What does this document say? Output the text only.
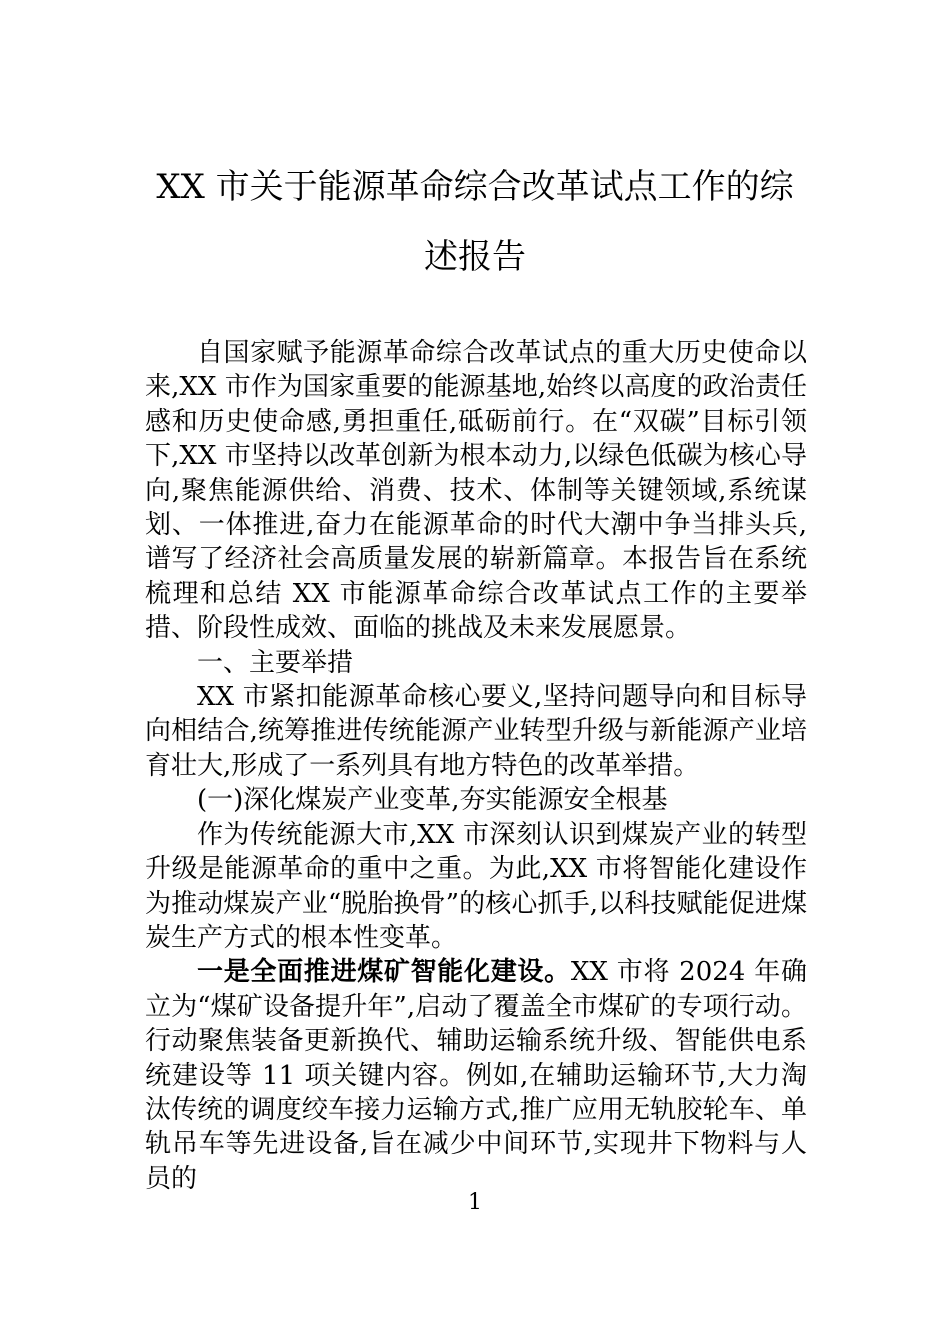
XX 市关于能源革命综合改革试点工作的综述报告

自国家赋予能源革命综合改革试点的重大历史使命以来,XX 市作为国家重要的能源基地,始终以高度的政治责任感和历史使命感,勇担重任,砥砺前行。在“双碳”目标引领下,XX 市坚持以改革创新为根本动力,以绿色低碳为核心导向,聚焦能源供给、消费、技术、体制等关键领域,系统谋划、一体推进,奋力在能源革命的时代大潮中争当排头兵,谱写了经济社会高质量发展的崭新篇章。本报告旨在系统梳理和总结 XX 市能源革命综合改革试点工作的主要举措、阶段性成效、面临的挑战及未来发展愿景。

一、主要举措

XX 市紧扣能源革命核心要义,坚持问题导向和目标导向相结合,统筹推进传统能源产业转型升级与新能源产业培育壮大,形成了一系列具有地方特色的改革举措。

(一)深化煤炭产业变革,夯实能源安全根基

作为传统能源大市,XX 市深刻认识到煤炭产业的转型升级是能源革命的重中之重。为此,XX 市将智能化建设作为推动煤炭产业“脱胎换骨”的核心抓手,以科技赋能促进煤炭生产方式的根本性变革。

一是全面推进煤矿智能化建设。XX 市将 2024 年确立为“煤矿设备提升年”,启动了覆盖全市煤矿的专项行动。行动聚焦装备更新换代、辅助运输系统升级、智能供电系统建设等 11 项关键内容。例如,在辅助运输环节,大力淘汰传统的调度绞车接力运输方式,推广应用无轨胶轮车、单轨吊车等先进设备,旨在减少中间环节,实现井下物料与人员的

1
